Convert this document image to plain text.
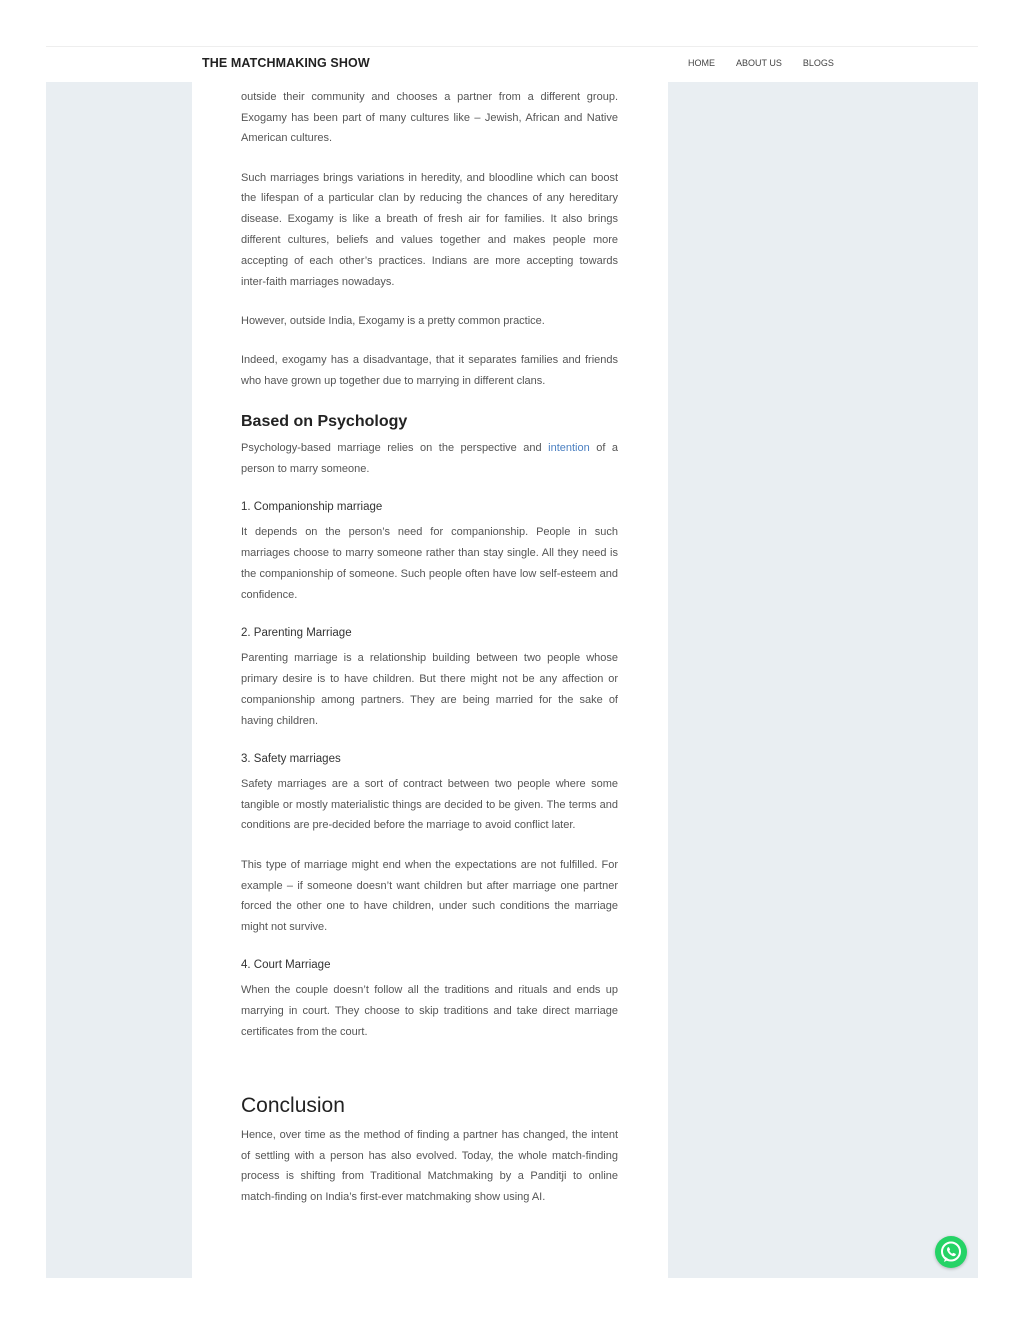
outside their community and chooses a partner from a different group. Exogamy has been part of many cultures like – Jewish, African and Native American cultures.

Such marriages brings variations in heredity, and bloodline which can boost the lifespan of a particular clan by reducing the chances of any hereditary disease. Exogamy is like a breath of fresh air for families. It also brings different cultures, beliefs and values together and makes people more accepting of each other’s practices. Indians are more accepting towards inter-faith marriages nowadays.

However, outside India, Exogamy is a pretty common practice.

Indeed, exogamy has a disadvantage, that it separates families and friends who have grown up together due to marrying in different clans.

Based on Psychology

Psychology-based marriage relies on the perspective and intention of a person to marry someone.

1. Companionship marriage

It depends on the person’s need for companionship. People in such marriages choose to marry someone rather than stay single. All they need is the companionship of someone. Such people often have low self-esteem and confidence.

2. Parenting Marriage

Parenting marriage is a relationship building between two people whose primary desire is to have children. But there might not be any affection or companionship among partners. They are being married for the sake of having children.

3. Safety marriages

Safety marriages are a sort of contract between two people where some tangible or mostly materialistic things are decided to be given. The terms and conditions are pre-decided before the marriage to avoid conflict later.

This type of marriage might end when the expectations are not fulfilled. For example – if someone doesn’t want children but after marriage one partner forced the other one to have children, under such conditions the marriage might not survive.

4. Court Marriage

When the couple doesn’t follow all the traditions and rituals and ends up marrying in court. They choose to skip traditions and take direct marriage certificates from the court.

Conclusion

Hence, over time as the method of finding a partner has changed, the intent of settling with a person has also evolved. Today, the whole match-finding process is shifting from Traditional Matchmaking by a Panditji to online match-finding on India’s first-ever matchmaking show using AI.

THE MATCHMAKING SHOW	HOME ABOUT US BLOGS
